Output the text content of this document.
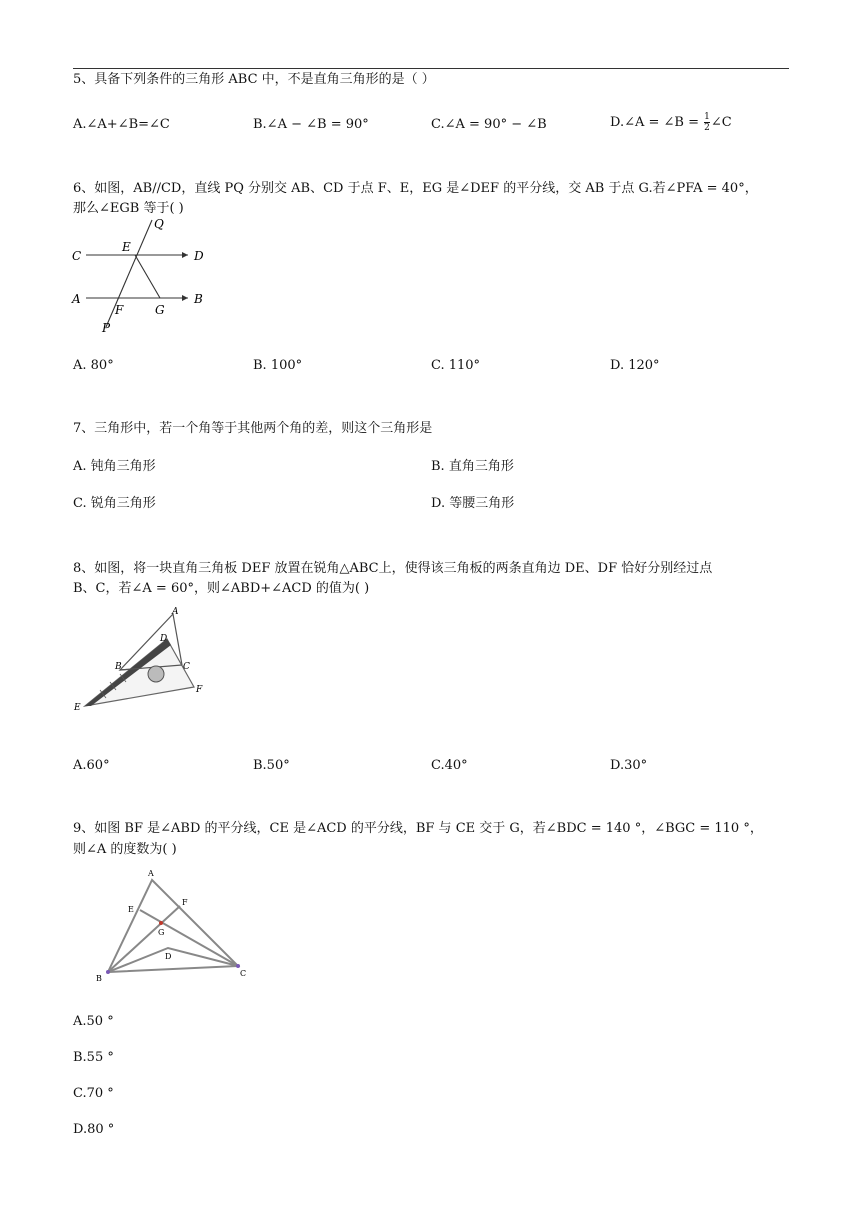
5、具备下列条件的三角形 ABC 中，不是直角三角形的是（ ）
A.∠A+∠B=∠C	B.∠A − ∠B = 90°	C.∠A = 90° − ∠B	D.∠A = ∠B = $\frac{1}{2}$ ∠C
6、如图，AB//CD，直线 PQ 分别交 AB、CD 于点 F、E，EG 是∠DEF 的平分线，交 AB 于点 G.若∠PFA = 40°，
那么∠EGB 等于( )
C
E
Q
D
A
F	G
B
P
A. 80°	B. 100°	C. 110°	D. 120°
7、三角形中，若一个角等于其他两个角的差，则这个三角形是
A. 钝角三角形	B. 直角三角形
C. 锐角三角形	D. 等腰三角形
8、如图，将一块直角三角板 DEF 放置在锐角△ABC上，使得该三角板的两条直角边 DE、DF 恰好分别经过点
B、C，若∠A = 60°，则∠ABD+∠ACD 的值为( )
A
D
B	C
E
F
A.60°	B.50°	C.40°	D.30°
9、如图 BF 是∠ABD 的平分线，CE 是∠ACD 的平分线，BF 与 CE 交于 G，若∠BDC = 140 °，∠BGC = 110 °，
则∠A 的度数为( )
A
E
F
G
D
B
C
A.50 °
B.55 °
C.70 °
D.80 °
